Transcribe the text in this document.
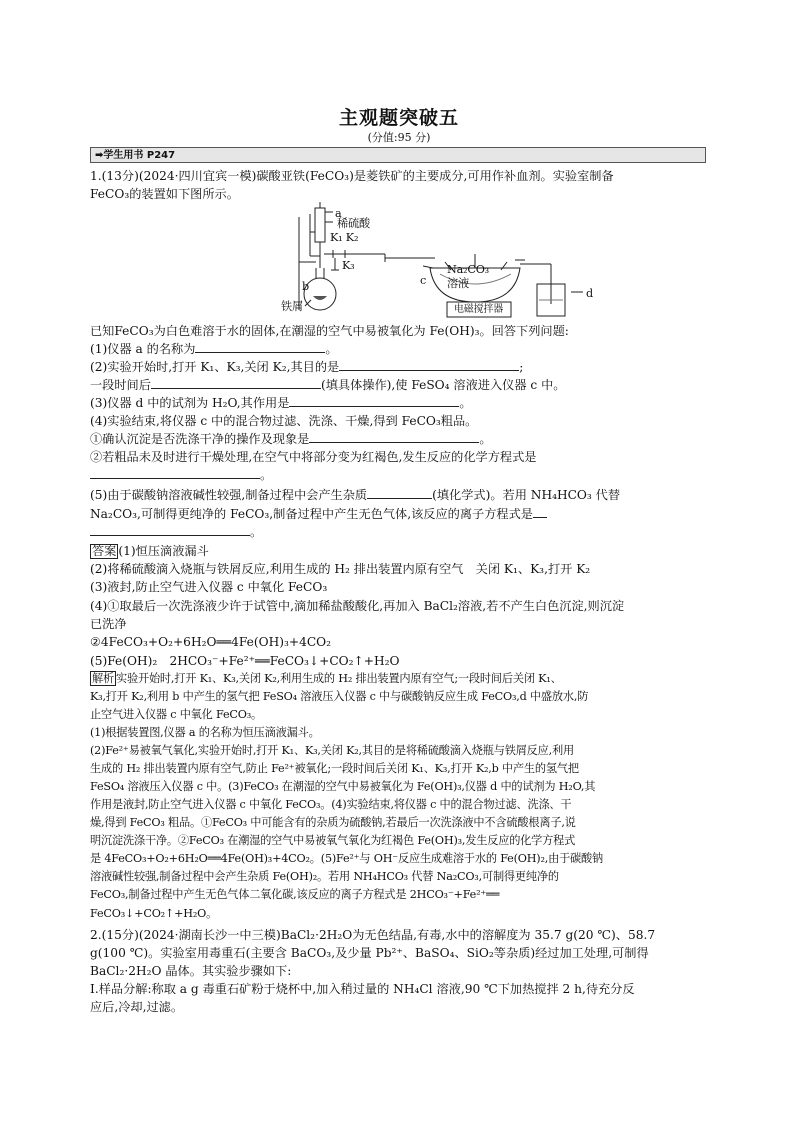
主观题突破五
(分值:95 分)
➡学生用书 P247
1.(13分)(2024·四川宜宾一模)碳酸亚铁(FeCO₃)是菱铁矿的主要成分,可用作补血剂。实验室制备
FeCO₃的装置如下图所示。
a
稀硫酸
K₁ K₂
K₃
b
铁屑
c
Na₂CO₃
溶液
电磁搅拌器
d
已知FeCO₃为白色难溶于水的固体,在潮湿的空气中易被氧化为 Fe(OH)₃。回答下列问题:
(1)仪器 a 的名称为	。
(2)实验开始时,打开 K₁、K₃,关闭 K₂,其目的是	;
一段时间后	(填具体操作),使 FeSO₄ 溶液进入仪器 c 中。
(3)仪器 d 中的试剂为 H₂O,其作用是	。
(4)实验结束,将仪器 c 中的混合物过滤、洗涤、干燥,得到 FeCO₃粗品。
①确认沉淀是否洗涤干净的操作及现象是	。
②若粗品未及时进行干燥处理,在空气中将部分变为红褐色,发生反应的化学方程式是
。
(5)由于碳酸钠溶液碱性较强,制备过程中会产生杂质	(填化学式)。若用 NH₄HCO₃ 代替
Na₂CO₃,可制得更纯净的 FeCO₃,制备过程中产生无色气体,该反应的离子方程式是
。
答案 (1)恒压滴液漏斗
(2)将稀硫酸滴入烧瓶与铁屑反应,利用生成的 H₂ 排出装置内原有空气　关闭 K₁、K₃,打开 K₂
(3)液封,防止空气进入仪器 c 中氧化 FeCO₃
(4)①取最后一次洗涤液少许于试管中,滴加稀盐酸酸化,再加入 BaCl₂溶液,若不产生白色沉淀,则沉淀
已洗净
②4FeCO₃+O₂+6H₂O══4Fe(OH)₃+4CO₂
(5)Fe(OH)₂　2HCO₃⁻+Fe²⁺══FeCO₃↓+CO₂↑+H₂O
解析 实验开始时,打开 K₁、K₃,关闭 K₂,利用生成的 H₂ 排出装置内原有空气;一段时间后关闭 K₁、
K₃,打开 K₂,利用 b 中产生的氢气把 FeSO₄ 溶液压入仪器 c 中与碳酸钠反应生成 FeCO₃,d 中盛放水,防
止空气进入仪器 c 中氧化 FeCO₃。
(1)根据装置图,仪器 a 的名称为恒压滴液漏斗。
(2)Fe²⁺易被氧气氧化,实验开始时,打开 K₁、K₃,关闭 K₂,其目的是将稀硫酸滴入烧瓶与铁屑反应,利用
生成的 H₂ 排出装置内原有空气,防止 Fe²⁺被氧化;一段时间后关闭 K₁、K₃,打开 K₂,b 中产生的氢气把
FeSO₄ 溶液压入仪器 c 中。(3)FeCO₃ 在潮湿的空气中易被氧化为 Fe(OH)₃,仪器 d 中的试剂为 H₂O,其
作用是液封,防止空气进入仪器 c 中氧化 FeCO₃。(4)实验结束,将仪器 c 中的混合物过滤、洗涤、干
燥,得到 FeCO₃ 粗品。①FeCO₃ 中可能含有的杂质为硫酸钠,若最后一次洗涤液中不含硫酸根离子,说
明沉淀洗涤干净。②FeCO₃ 在潮湿的空气中易被氧气氧化为红褐色 Fe(OH)₃,发生反应的化学方程式
是 4FeCO₃+O₂+6H₂O══4Fe(OH)₃+4CO₂。(5)Fe²⁺与 OH⁻反应生成难溶于水的 Fe(OH)₂,由于碳酸钠
溶液碱性较强,制备过程中会产生杂质 Fe(OH)₂。若用 NH₄HCO₃ 代替 Na₂CO₃,可制得更纯净的
FeCO₃,制备过程中产生无色气体二氧化碳,该反应的离子方程式是 2HCO₃⁻+Fe²⁺══
FeCO₃↓+CO₂↑+H₂O。
2.(15分)(2024·湖南长沙一中三模)BaCl₂·2H₂O为无色结晶,有毒,水中的溶解度为 35.7 g(20 ℃)、58.7
g(100 ℃)。实验室用毒重石(主要含 BaCO₃,及少量 Pb²⁺、BaSO₄、SiO₂等杂质)经过加工处理,可制得
BaCl₂·2H₂O 晶体。其实验步骤如下:
Ⅰ.样品分解:称取 a g 毒重石矿粉于烧杯中,加入稍过量的 NH₄Cl 溶液,90 ℃下加热搅拌 2 h,待充分反
应后,冷却,过滤。
